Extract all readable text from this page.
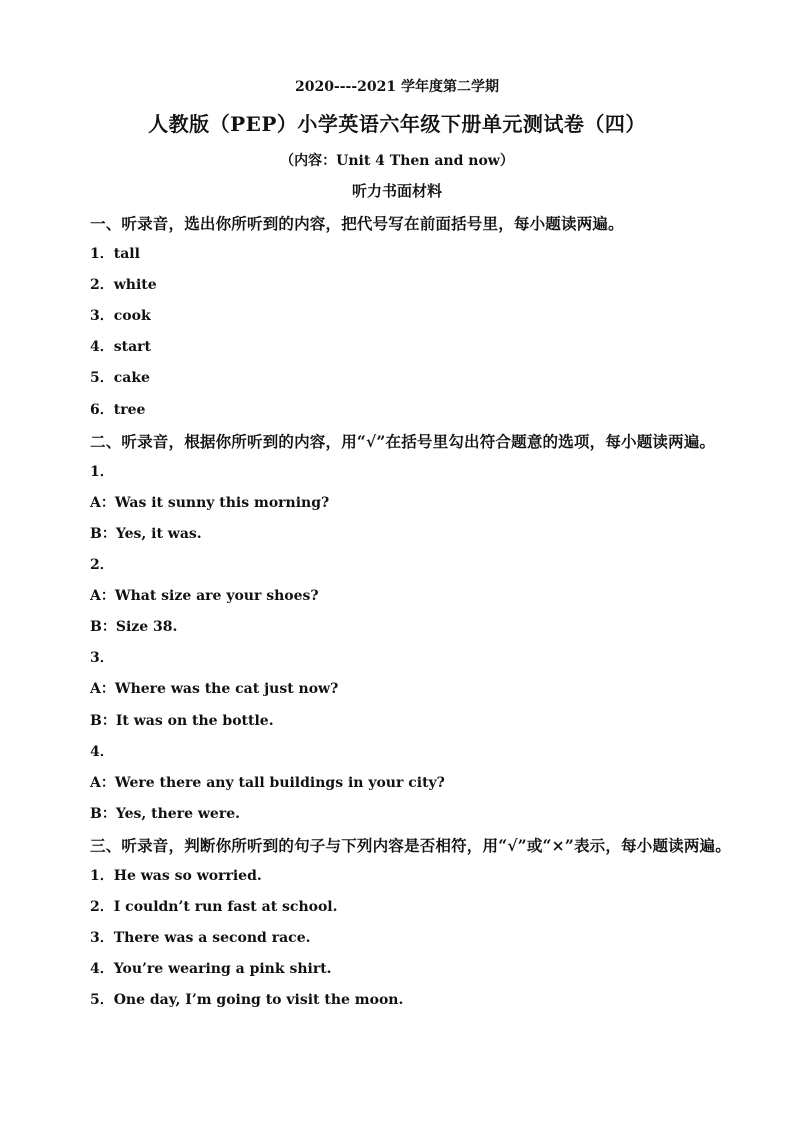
2020----2021 学年度第二学期
人教版（PEP）小学英语六年级下册单元测试卷（四）
（内容：Unit 4 Then and now）
听力书面材料
一、听录音，选出你所听到的内容，把代号写在前面括号里，每小题读两遍。
1．tall
2．white
3．cook
4．start
5．cake
6．tree
二、听录音，根据你所听到的内容，用“√”在括号里勾出符合题意的选项，每小题读两遍。
1．
A：Was it sunny this morning?
B：Yes, it was.
2．
A：What size are your shoes?
B：Size 38.
3．
A：Where was the cat just now?
B：It was on the bottle.
4．
A：Were there any tall buildings in your city?
B：Yes, there were.
三、听录音，判断你所听到的句子与下列内容是否相符，用“√”或“×”表示，每小题读两遍。
1．He was so worried.
2．I couldn’t run fast at school.
3．There was a second race.
4．You’re wearing a pink shirt.
5．One day, I’m going to visit the moon.
